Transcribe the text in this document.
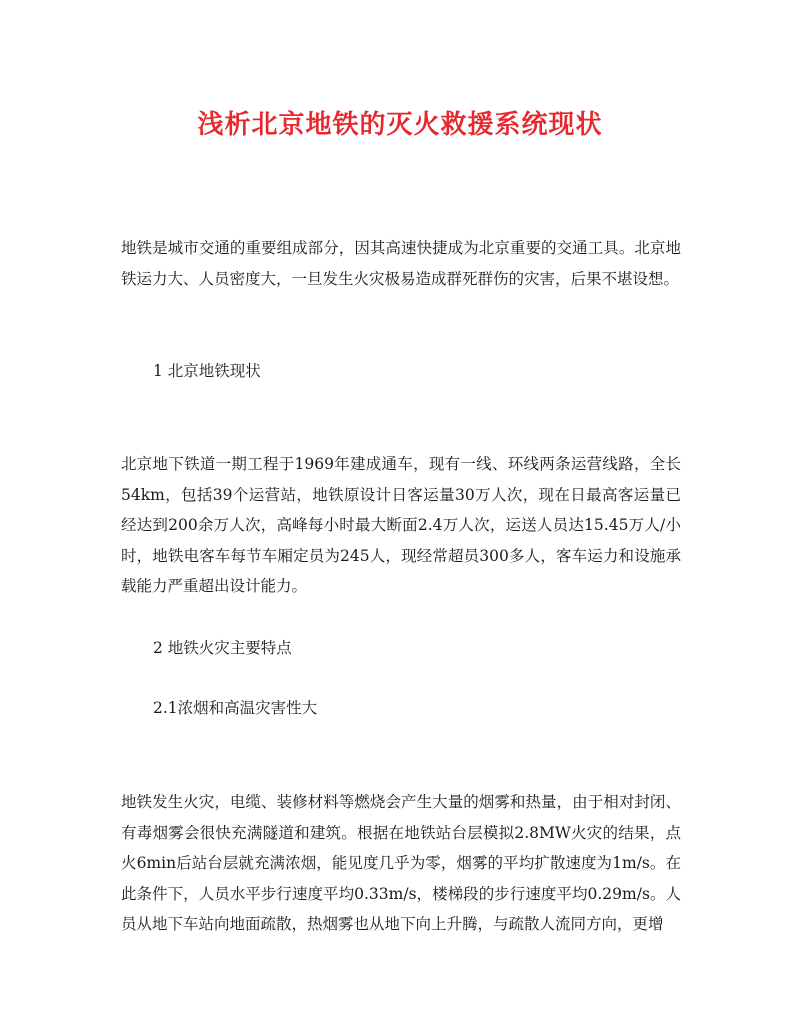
浅析北京地铁的灭火救援系统现状

地铁是城市交通的重要组成部分，因其高速快捷成为北京重要的交通工具。北京地铁运力大、人员密度大，一旦发生火灾极易造成群死群伤的灾害，后果不堪设想。

1 北京地铁现状

北京地下铁道一期工程于1969年建成通车，现有一线、环线两条运营线路，全长54km，包括39个运营站，地铁原设计日客运量30万人次，现在日最高客运量已经达到200余万人次，高峰每小时最大断面2.4万人次，运送人员达15.45万人/小时，地铁电客车每节车厢定员为245人，现经常超员300多人，客车运力和设施承载能力严重超出设计能力。

2 地铁火灾主要特点

2.1浓烟和高温灾害性大

地铁发生火灾，电缆、装修材料等燃烧会产生大量的烟雾和热量，由于相对封闭、有毒烟雾会很快充满隧道和建筑。根据在地铁站台层模拟2.8MW火灾的结果，点火6min后站台层就充满浓烟，能见度几乎为零，烟雾的平均扩散速度为1m/s。在此条件下，人员水平步行速度平均0.33m/s，楼梯段的步行速度平均0.29m/s。人员从地下车站向地面疏散，热烟雾也从地下向上升腾，与疏散人流同方向，更增
